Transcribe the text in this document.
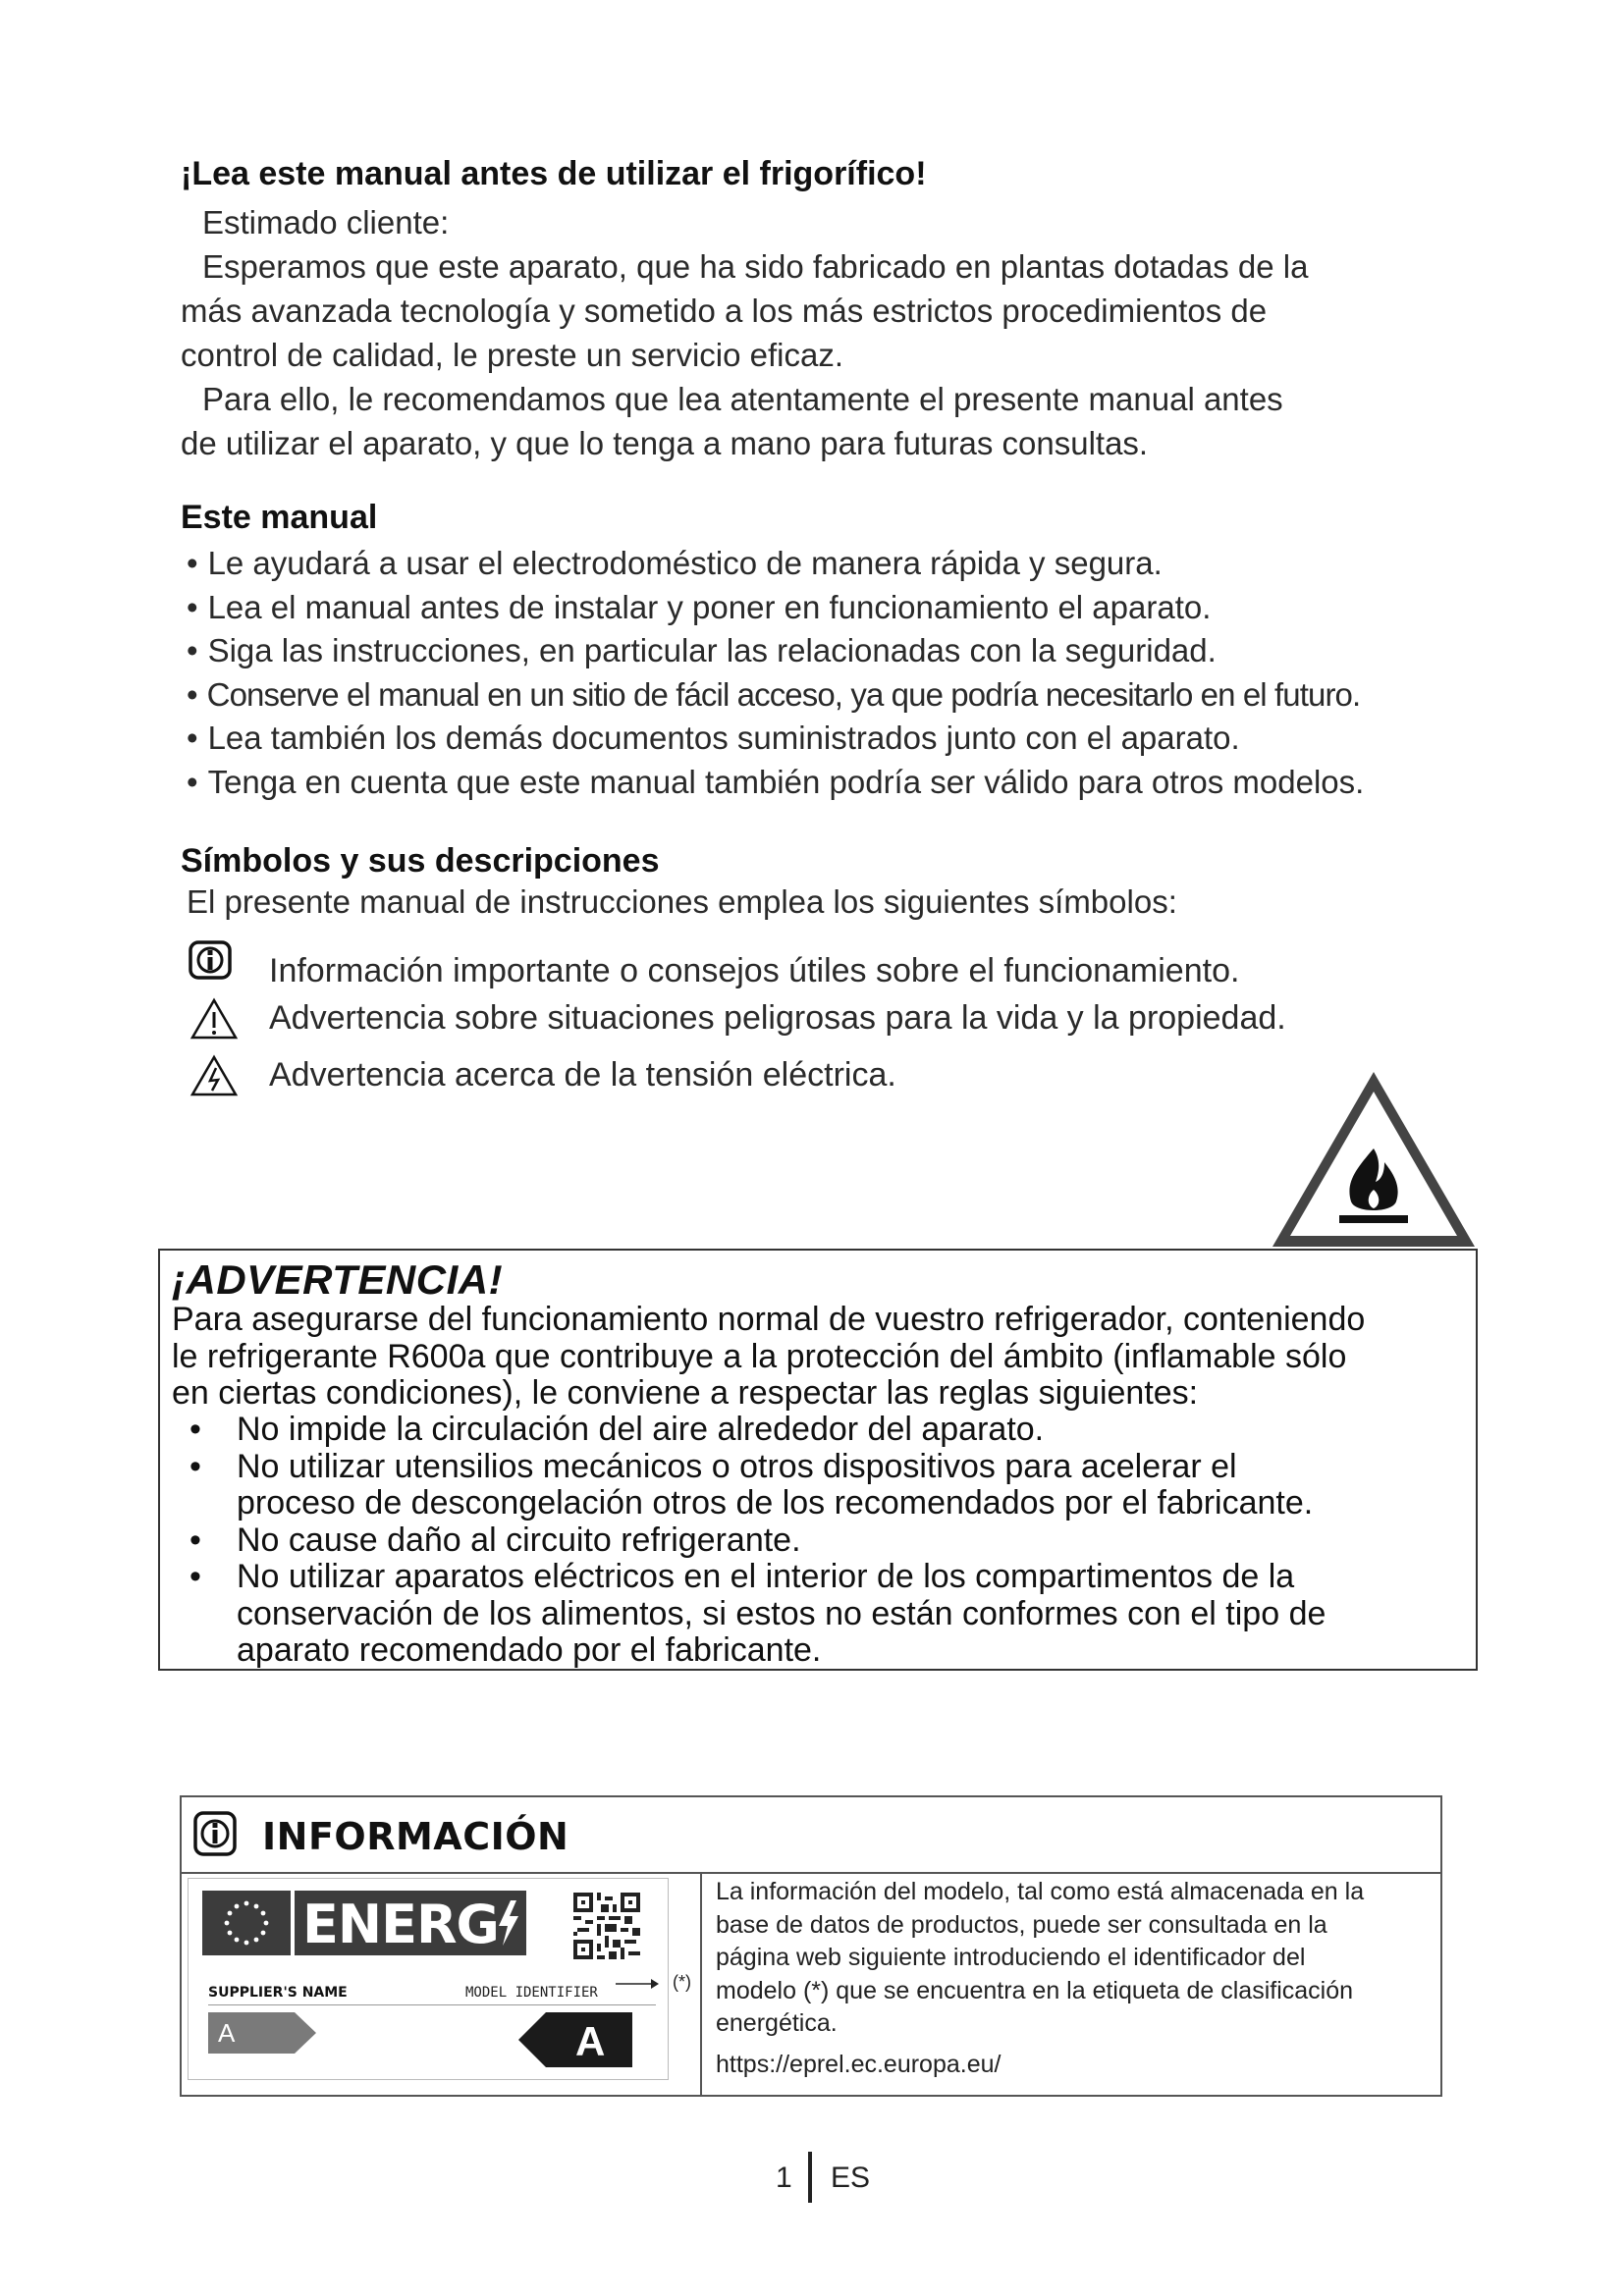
¡Lea este manual antes de utilizar el frigorífico!
Estimado cliente:
Esperamos que este aparato, que ha sido fabricado en plantas dotadas de la
más avanzada tecnología y sometido a los más estrictos procedimientos de
control de calidad, le preste un servicio eficaz.
Para ello, le recomendamos que lea atentamente el presente manual antes
de utilizar el aparato, y que lo tenga a mano para futuras consultas.
Este manual
• Le ayudará a usar el electrodoméstico de manera rápida y segura.
• Lea el manual antes de instalar y poner en funcionamiento el aparato.
• Siga las instrucciones, en particular las relacionadas con la seguridad.
• Conserve el manual en un sitio de fácil acceso, ya que podría necesitarlo en el futuro.
• Lea también los demás documentos suministrados junto con el aparato.
• Tenga en cuenta que este manual también podría ser válido para otros modelos.
Símbolos y sus descripciones
El presente manual de instrucciones emplea los siguientes símbolos:
Información importante o consejos útiles sobre el funcionamiento.
Advertencia sobre situaciones peligrosas para la vida y la propiedad.
Advertencia acerca de la tensión eléctrica.
¡ADVERTENCIA!
Para asegurarse del funcionamiento normal de vuestro refrigerador, conteniendo
le refrigerante R600a que contribuye a la protección del ámbito (inflamable sólo
en ciertas condiciones), le conviene a respectar las reglas siguientes:
• No impide la circulación del aire alrededor del aparato.
• No utilizar utensilios mecánicos o otros dispositivos para acelerar el
proceso de descongelación otros de los recomendados por el fabricante.
• No cause daño al circuito refrigerante.
• No utilizar aparatos eléctricos en el interior de los compartimentos de la
conservación de los alimentos, si estos no están conformes con el tipo de
aparato recomendado por el fabricante.
INFORMACIÓN
ENERG
SUPPLIER'S NAME	MODEL IDENTIFIER
A	A
(*)
La información del modelo, tal como está almacenada en la
base de datos de productos, puede ser consultada en la
página web siguiente introduciendo el identificador del
modelo (*) que se encuentra en la etiqueta de clasificación
energética.
https://eprel.ec.europa.eu/
1 ES
